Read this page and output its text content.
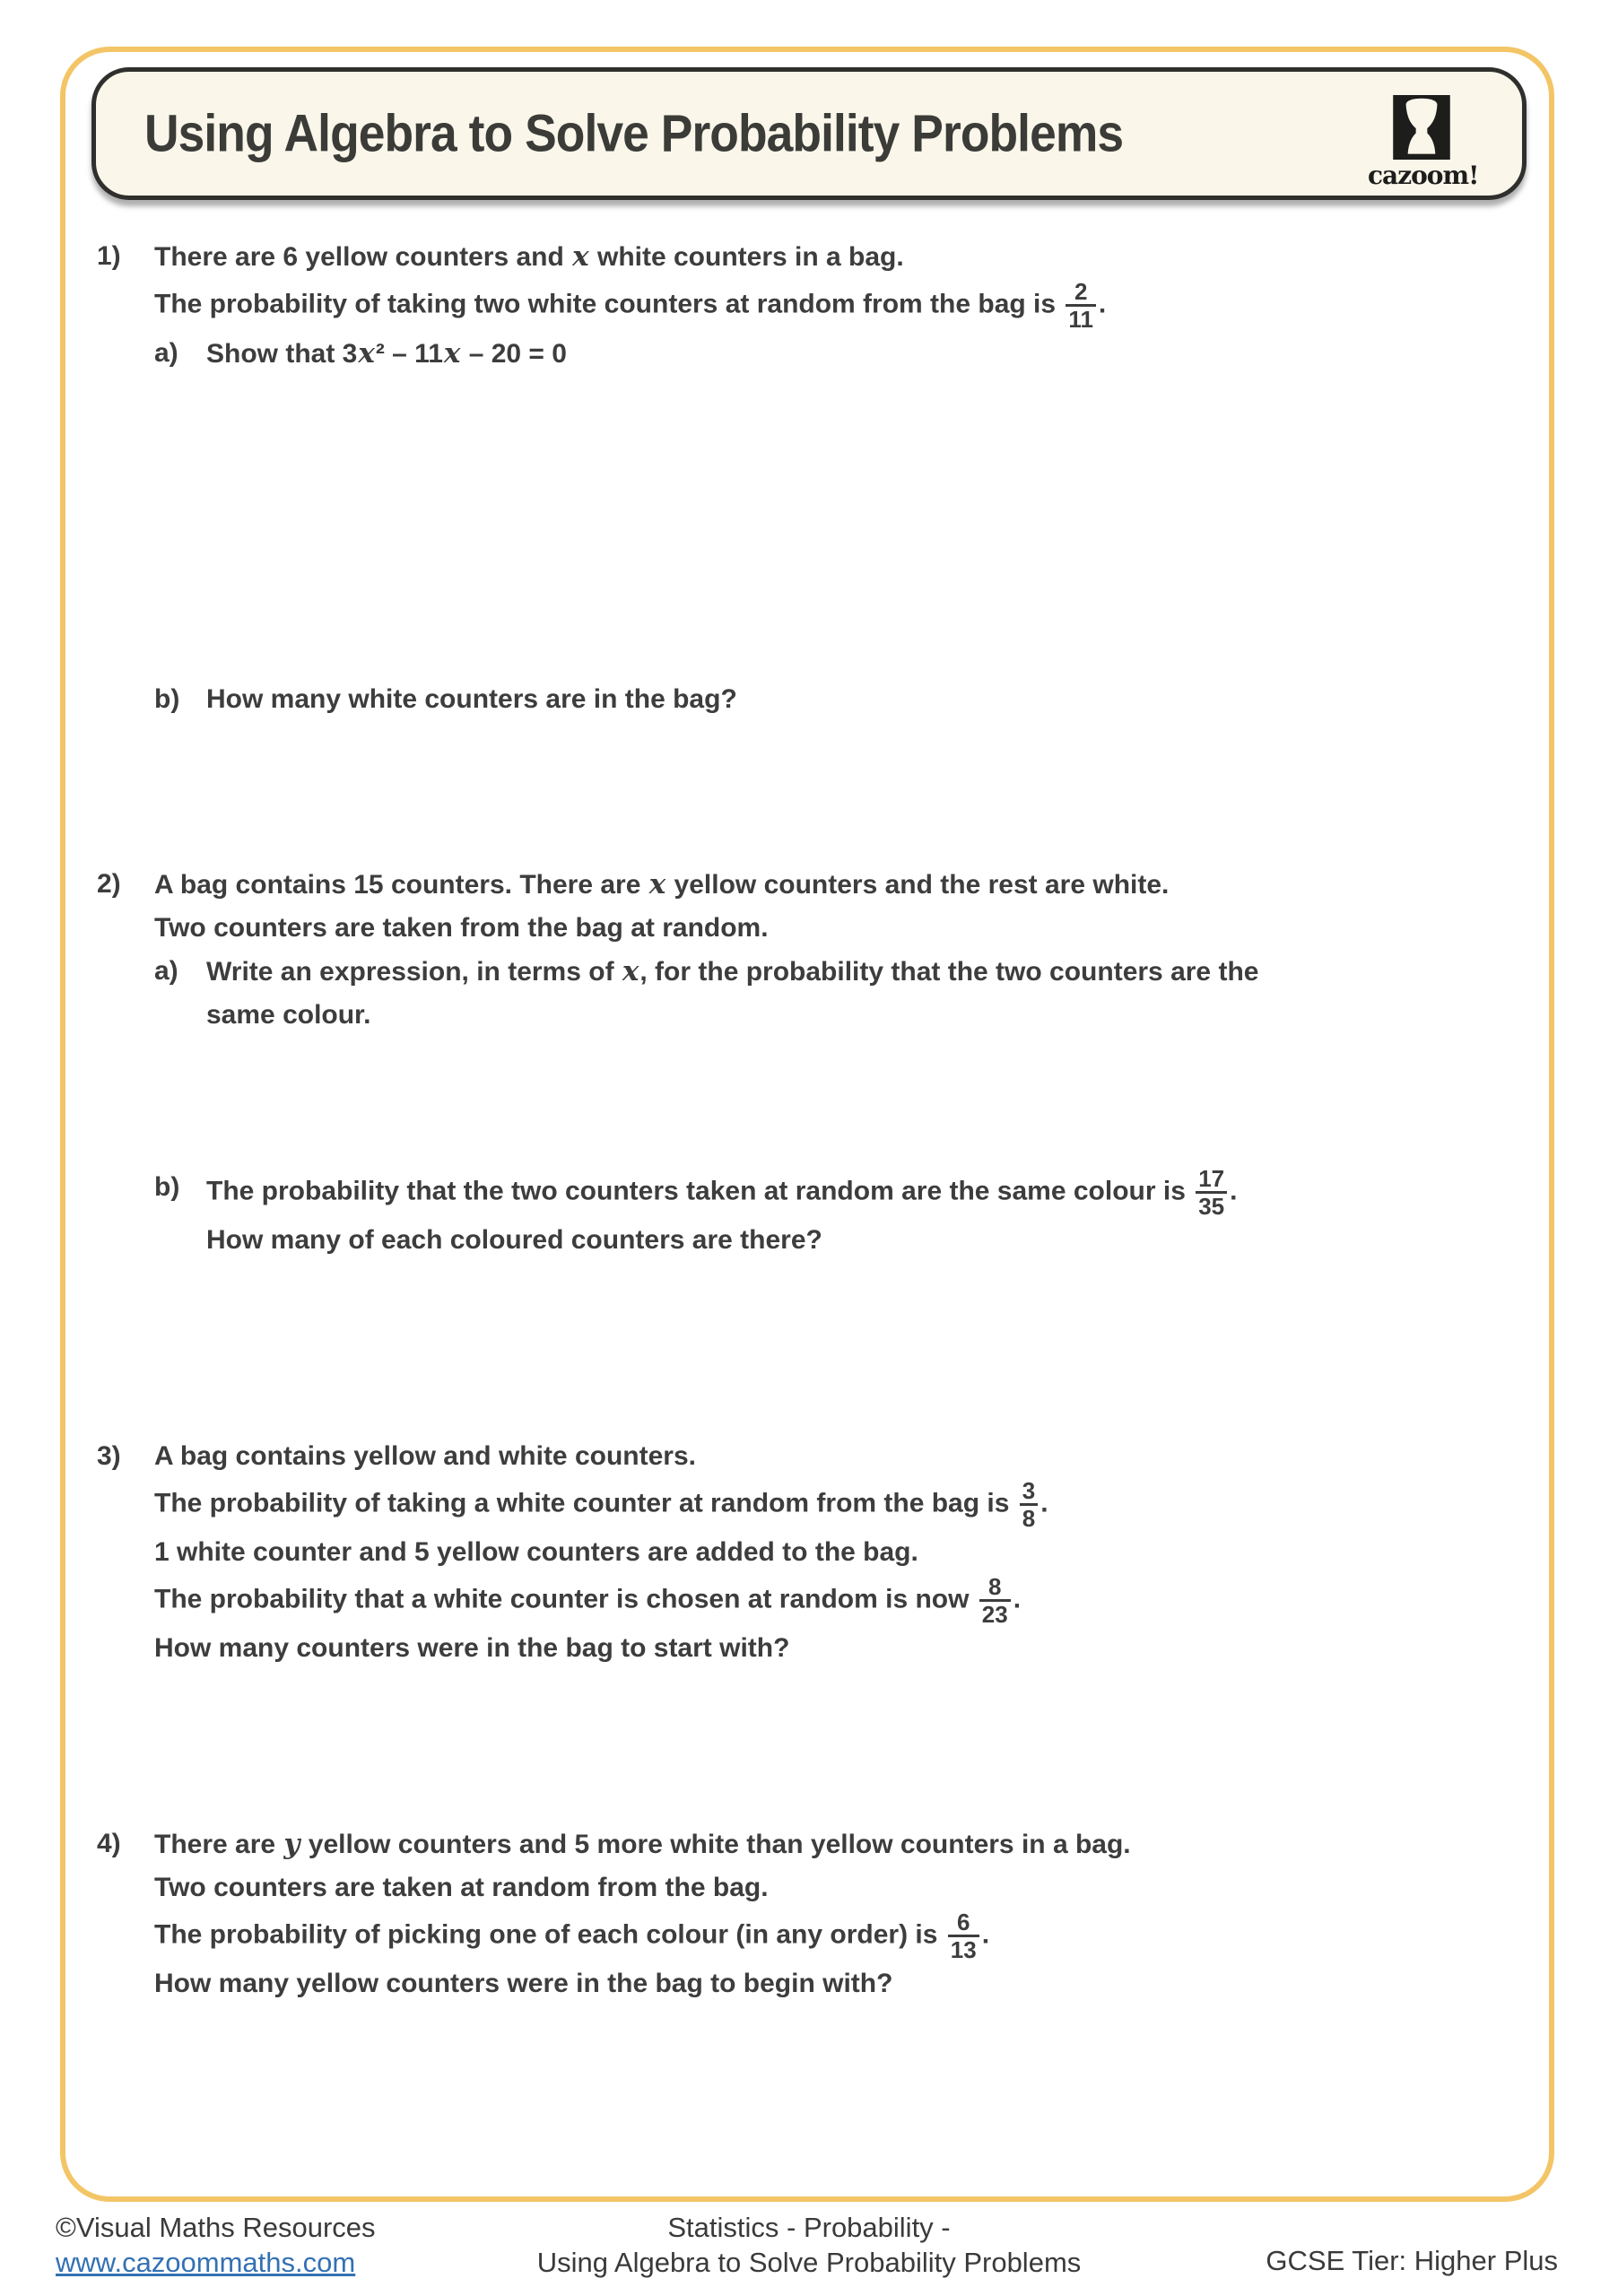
Using Algebra to Solve Probability Problems
cazoom!
1)	There are 6 yellow counters and x white counters in a bag.
The probability of taking two white counters at random from the bag is $\frac{2}{11}$ .
a)	Show that 3x² – 11x – 20 = 0
b) How many white counters are in the bag?
2)	A bag contains 15 counters. There are x yellow counters and the rest are white.
Two counters are taken from the bag at random.
a)	Write an expression, in terms of x, for the probability that the two counters are the
same colour.
b) The probability that the two counters taken at random are the same colour is $\frac{17}{35}$ .
How many of each coloured counters are there?
3)	A bag contains yellow and white counters.
The probability of taking a white counter at random from the bag is $\frac{3}{8}$ .
1 white counter and 5 yellow counters are added to the bag.
The probability that a white counter is chosen at random is now $\frac{8}{23}$ .
How many counters were in the bag to start with?
4)	There are y yellow counters and 5 more white than yellow counters in a bag.
Two counters are taken at random from the bag.
The probability of picking one of each colour (in any order) is $\frac{6}{13}$ .
How many yellow counters were in the bag to begin with?
©Visual Maths Resources
www.cazoommaths.com
Statistics - Probability -
Using Algebra to Solve Probability Problems	GCSE Tier: Higher Plus
